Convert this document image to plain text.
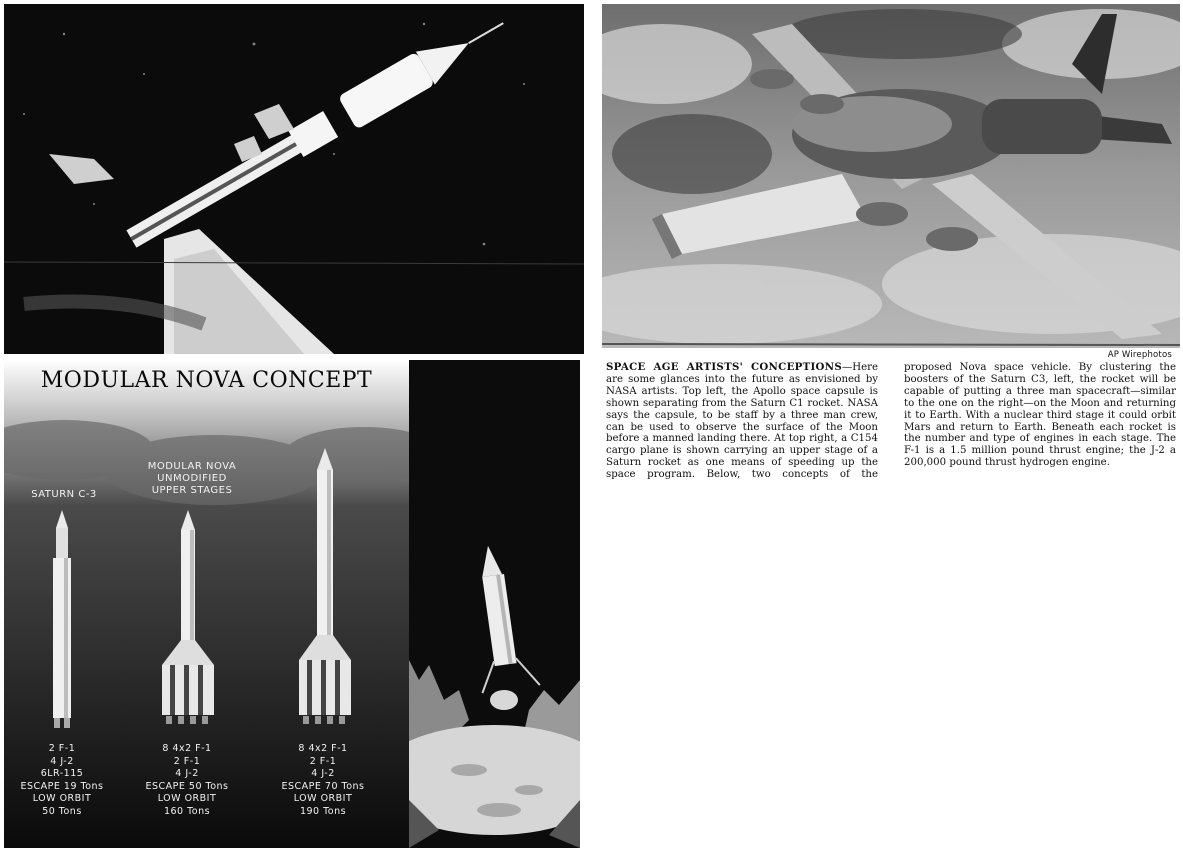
AP Wirephotos
SPACE AGE ARTISTS' CONCEPTIONS—Here are some glances into the future as envisioned by NASA artists. Top left, the Apollo space capsule is shown separating from the Saturn C1 rocket. NASA says the capsule, to be staff by a three man crew, can be used to observe the surface of the Moon before a manned landing there. At top right, a C154 cargo plane is shown carrying an upper stage of a Saturn rocket as one means of speeding up the space program. Below, two concepts of the proposed Nova space vehicle. By clustering the boosters of the Saturn C3, left, the rocket will be capable of putting a three man spacecraft—similar to the one on the right—on the Moon and returning it to Earth. With a nuclear third stage it could orbit Mars and return to Earth. Beneath each rocket is the number and type of engines in each stage. The F-1 is a 1.5 million pound thrust engine; the J-2 a 200,000 pound thrust hydrogen engine.
MODULAR NOVA CONCEPT
SATURN C-3
MODULAR NOVA
UNMODIFIED
UPPER STAGES
2 F-1
4 J-2
6LR-115
ESCAPE 19 Tons
LOW ORBIT
50 Tons
8 4x2 F-1
2 F-1
4 J-2
ESCAPE 50 Tons
LOW ORBIT
160 Tons
8 4x2 F-1
2 F-1
4 J-2
ESCAPE 70 Tons
LOW ORBIT
190 Tons
